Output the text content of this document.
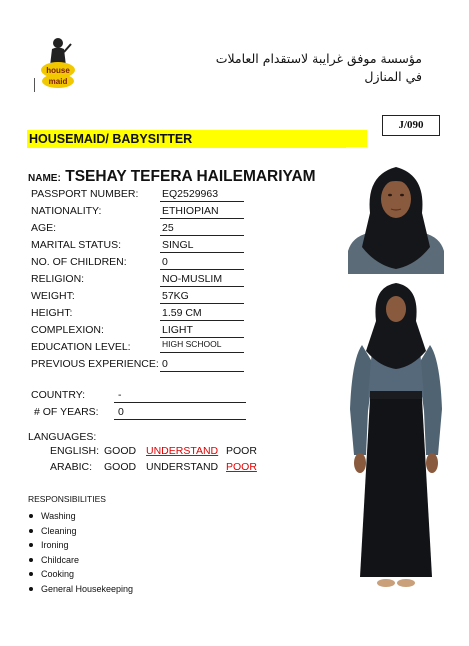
house
maid
مؤسسة موفق غرايبة لاستقدام العاملات في المنازل
J/090
HOUSEMAID/ BABYSITTER
NAME: TSEHAY TEFERA HAILEMARIYAM
PASSPORT NUMBER: EQ2529963
NATIONALITY:	ETHIOPIAN
AGE:	25
MARITAL STATUS:	SINGL
NO. OF CHILDREN:	0
RELIGION:	NO-MUSLIM
WEIGHT:	57KG
HEIGHT:	1.59 CM
COMPLEXION:	LIGHT
EDUCATION LEVEL:	HIGH SCHOOL
PREVIOUS EXPERIENCE: 0
COUNTRY:	-
# OF YEARS:	0
LANGUAGES:
ENGLISH: GOOD UNDERSTAND POOR
ARABIC: GOOD UNDERSTAND POOR
RESPONSIBILITIES
Washing
Cleaning
Ironing
Childcare
Cooking
General Housekeeping
